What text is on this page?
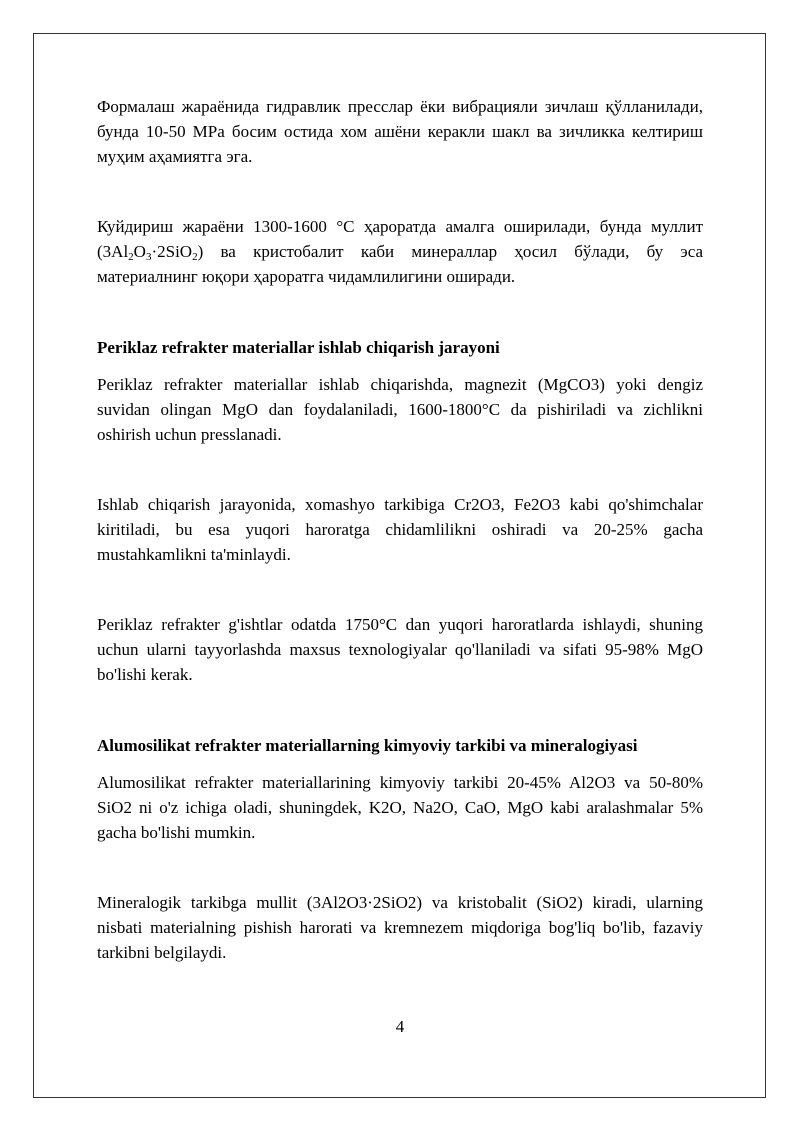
Формалаш жараёнида гидравлик пресслар ёки вибрацияли зичлаш қўлланилади, бунда 10-50 MPa босим остида хом ашёни керакли шакл ва зичликка келтириш муҳим аҳамиятга эга.

Куйдириш жараёни 1300-1600 °C ҳароратда амалга оширилади, бунда муллит $(3Al_2O_3\cdot 2SiO_2)$ ва кристобалит каби минераллар ҳосил бўлади, бу эса материалнинг юқори ҳароратга чидамлилигини оширади.

Periklaz refrakter materiallar ishlab chiqarish jarayoni

Periklaz refrakter materiallar ishlab chiqarishda, magnezit (MgCO3) yoki dengiz suvidan olingan MgO dan foydalaniladi, 1600-1800°C da pishiriladi va zichlikni oshirish uchun presslanadi.

Ishlab chiqarish jarayonida, xomashyo tarkibiga Cr2O3, Fe2O3 kabi qo'shimchalar kiritiladi, bu esa yuqori haroratga chidamlilikni oshiradi va 20-25% gacha mustahkamlikni ta'minlaydi.

Periklaz refrakter g'ishtlar odatda 1750°C dan yuqori haroratlarda ishlaydi, shuning uchun ularni tayyorlashda maxsus texnologiyalar qo'llaniladi va sifati 95-98% MgO bo'lishi kerak.

Alumosilikat refrakter materiallarning kimyoviy tarkibi va mineralogiyasi

Alumosilikat refrakter materiallarining kimyoviy tarkibi 20-45% Al2O3 va 50-80% SiO2 ni o'z ichiga oladi, shuningdek, K2O, Na2O, CaO, MgO kabi aralashmalar 5% gacha bo'lishi mumkin.

Mineralogik tarkibga mullit (3Al2O3·2SiO2) va kristobalit (SiO2) kiradi, ularning nisbati materialning pishish harorati va kremnezem miqdoriga bog'liq bo'lib, fazaviy tarkibni belgilaydi.

4
